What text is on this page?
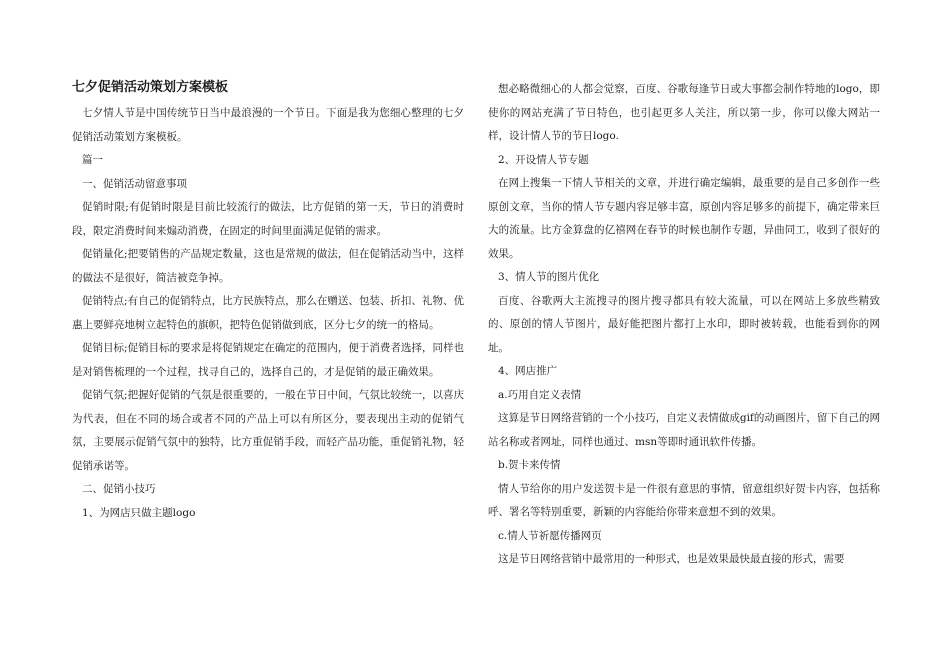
七夕促销活动策划方案模板

七夕情人节是中国传统节日当中最浪漫的一个节日。下面是我为您细心整理的七夕促销活动策划方案模板。

篇一

一、促销活动留意事项

促销时限;有促销时限是目前比较流行的做法，比方促销的第一天，节日的消费时段，限定消费时间来煽动消费，在固定的时间里面满足促销的需求。

促销量化;把要销售的产品规定数量，这也是常规的做法，但在促销活动当中，这样的做法不是很好，简洁被竞争掉。

促销特点;有自己的促销特点，比方民族特点，那么在赠送、包装、折扣、礼物、优惠上要鲜亮地树立起特色的旗帜，把特色促销做到底，区分七夕的统一的格局。

促销目标;促销目标的要求是将促销规定在确定的范围内，便于消费者选择，同样也是对销售梳理的一个过程，找寻自己的，选择自己的，才是促销的最正确效果。

促销气氛;把握好促销的气氛是很重要的，一般在节日中间，气氛比较统一，以喜庆为代表，但在不同的场合或者不同的产品上可以有所区分，要表现出主动的促销气氛，主要展示促销气氛中的独特，比方重促销手段，而轻产品功能，重促销礼物，轻促销承诺等。

二、促销小技巧

1、为网店只做主题logo

想必略微细心的人都会觉察，百度、谷歌每逢节日或大事都会制作特地的logo，即使你的网站充满了节日特色，也引起更多人关注，所以第一步，你可以像大网站一样，设计情人节的节日logo.

2、开设情人节专题

在网上搜集一下情人节相关的文章，并进行确定编辑，最重要的是自己多创作一些原创文章，当你的情人节专题内容足够丰富，原创内容足够多的前提下，确定带来巨大的流量。比方金算盘的亿禧网在春节的时候也制作专题，异曲同工，收到了很好的效果。

3、情人节的图片优化

百度、谷歌两大主流搜寻的图片搜寻都具有较大流量，可以在网站上多放些精致的、原创的情人节图片，最好能把图片都打上水印，即时被转载，也能看到你的网址。

4、网店推广

a.巧用自定义表情

这算是节日网络营销的一个小技巧，自定义表情做成gif的动画图片，留下自己的网站名称或者网址，同样也通过、msn等即时通讯软件传播。

b.贺卡来传情

情人节给你的用户发送贺卡是一件很有意思的事情，留意组织好贺卡内容，包括称呼、署名等特别重要，新颖的内容能给你带来意想不到的效果。

c.情人节祈愿传播网页

这是节日网络营销中最常用的一种形式，也是效果最快最直接的形式，需要
